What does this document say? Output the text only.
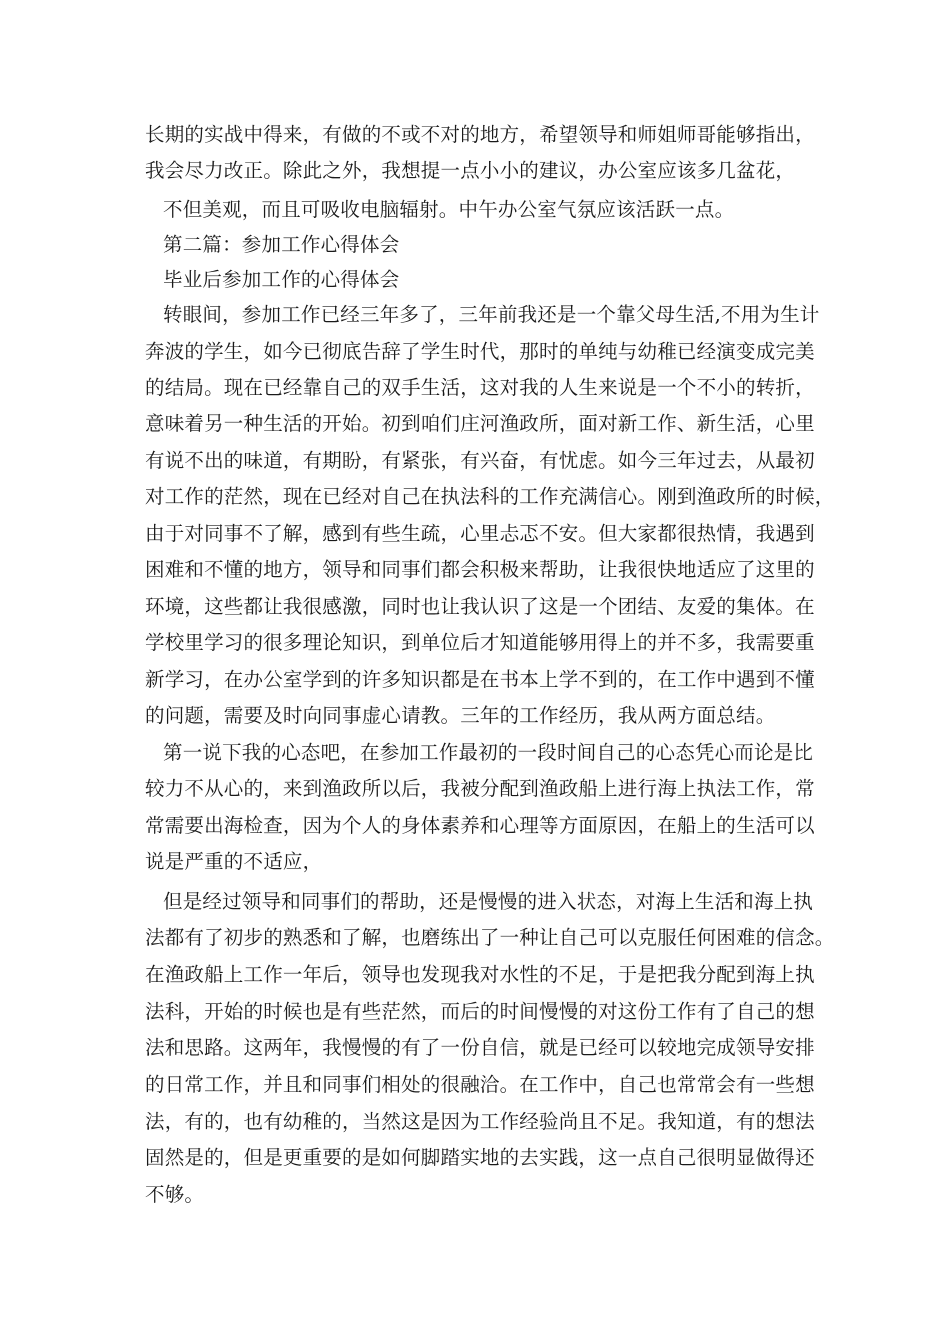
长期的实战中得来，有做的不或不对的地方，希望领导和师姐师哥能够指出，
我会尽力改正。除此之外，我想提一点小小的建议，办公室应该多几盆花，
不但美观，而且可吸收电脑辐射。中午办公室气氛应该活跃一点。
第二篇：参加工作心得体会
毕业后参加工作的心得体会
转眼间，参加工作已经三年多了，三年前我还是一个靠父母生活,不用为生计
奔波的学生，如今已彻底告辞了学生时代，那时的单纯与幼稚已经演变成完美
的结局。现在已经靠自己的双手生活，这对我的人生来说是一个不小的转折，
意味着另一种生活的开始。初到咱们庄河渔政所，面对新工作、新生活，心里
有说不出的味道，有期盼，有紧张，有兴奋，有忧虑。如今三年过去，从最初
对工作的茫然，现在已经对自己在执法科的工作充满信心。刚到渔政所的时候，
由于对同事不了解，感到有些生疏，心里忐忑不安。但大家都很热情，我遇到
困难和不懂的地方，领导和同事们都会积极来帮助，让我很快地适应了这里的
环境，这些都让我很感激，同时也让我认识了这是一个团结、友爱的集体。在
学校里学习的很多理论知识，到单位后才知道能够用得上的并不多，我需要重
新学习，在办公室学到的许多知识都是在书本上学不到的，在工作中遇到不懂
的问题，需要及时向同事虚心请教。三年的工作经历，我从两方面总结。
第一说下我的心态吧，在参加工作最初的一段时间自己的心态凭心而论是比
较力不从心的，来到渔政所以后，我被分配到渔政船上进行海上执法工作，常
常需要出海检查，因为个人的身体素养和心理等方面原因，在船上的生活可以
说是严重的不适应，
但是经过领导和同事们的帮助，还是慢慢的进入状态，对海上生活和海上执
法都有了初步的熟悉和了解，也磨练出了一种让自己可以克服任何困难的信念。
在渔政船上工作一年后，领导也发现我对水性的不足，于是把我分配到海上执
法科，开始的时候也是有些茫然，而后的时间慢慢的对这份工作有了自己的想
法和思路。这两年，我慢慢的有了一份自信，就是已经可以较地完成领导安排
的日常工作，并且和同事们相处的很融洽。在工作中，自己也常常会有一些想
法，有的，也有幼稚的，当然这是因为工作经验尚且不足。我知道，有的想法
固然是的，但是更重要的是如何脚踏实地的去实践，这一点自己很明显做得还
不够。
